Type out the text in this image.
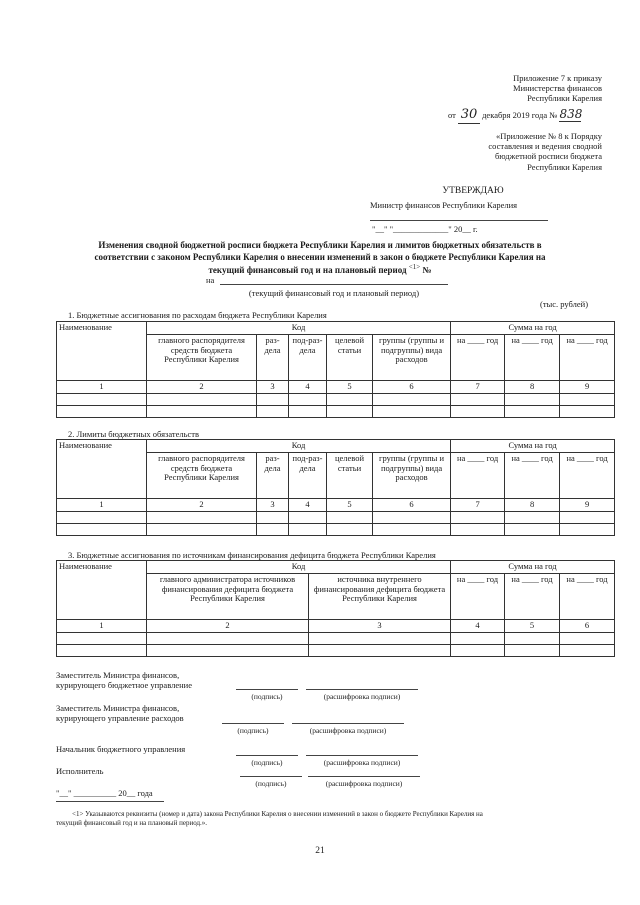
Приложение 7 к приказу
Министерства финансов
Республики Карелия
от 30 декабря 2019 года № 838
«Приложение № 8 к Порядку
составления и ведения сводной
бюджетной росписи бюджета
Республики Карелия
УТВЕРЖДАЮ
Министр финансов Республики Карелия
"__" "_____________" 20__ г.
Изменения сводной бюджетной росписи бюджета Республики Карелия и лимитов бюджетных обязательств в
соответствии с законом Республики Карелия о внесении изменений в закон о бюджете Республики Карелия на
текущий финансовый год и на плановый период $^{<1>}$ №
на
(текущий финансовый год и плановый период)
(тыс. рублей)
1. Бюджетные ассигнования по расходам бюджета Республики Карелия
Наименование	Код					Сумма на год		
	главного распорядителя средств бюджета Республики Карелия	раз-дела	под-раз-дела	целевой статьи	группы (группы и подгруппы) вида расходов	на ____ год	на ____ год	на ____ год
1	2	3	4	5	6	7	8	9

2. Лимиты бюджетных обязательств
Наименование	Код					Сумма на год		
	главного распорядителя средств бюджета Республики Карелия	раз-дела	под-раз-дела	целевой статьи	группы (группы и подгруппы) вида расходов	на ____ год	на ____ год	на ____ год
1	2	3	4	5	6	7	8	9

3. Бюджетные ассигнования по источникам финансирования дефицита бюджета Республики Карелия
Наименование	Код		Сумма на год		
	главного администратора источников финансирования дефицита бюджета Республики Карелия	источника внутреннего финансирования дефицита бюджета Республики Карелия	на ____ год	на ____ год	на ____ год
1	2	3	4	5	6

Заместитель Министра финансов,
курирующего бюджетное управление
(подпись)	(расшифровка подписи)
Заместитель Министра финансов,
курирующего управление расходов
(подпись)	(расшифровка подписи)
Начальник бюджетного управления
(подпись)	(расшифровка подписи)
Исполнитель
(подпись)	(расшифровка подписи)
"__" __________ 20__ года
<1> Указываются реквизиты (номер и дата) закона Республики Карелия о внесении изменений в закон о бюджете Республики Карелия на
текущий финансовый год и на плановый период.».
21
